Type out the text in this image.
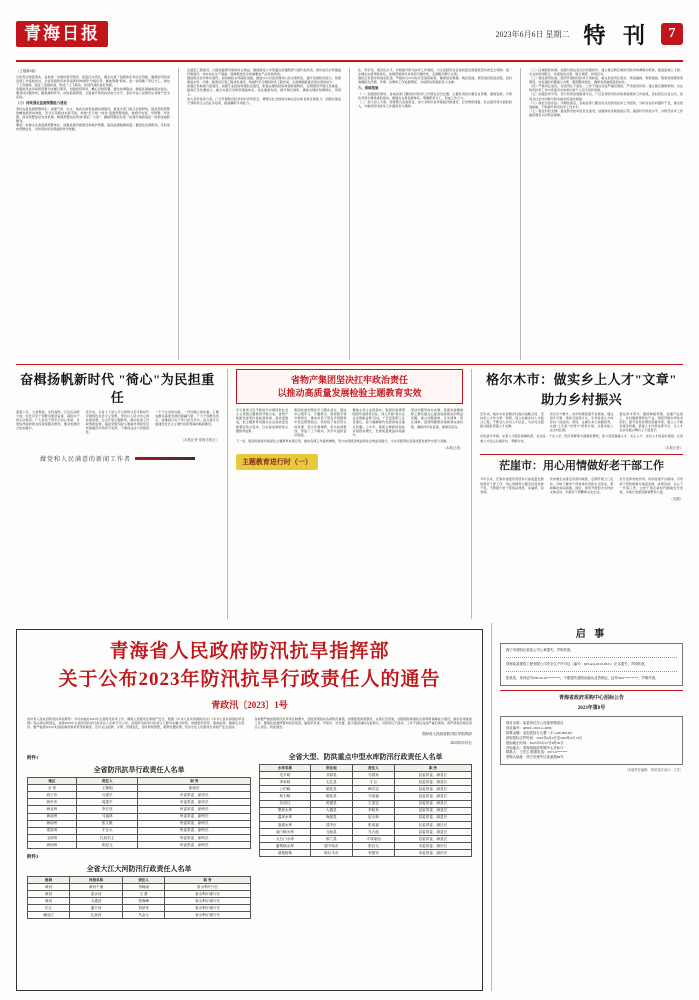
青海日报	2023年6月6日 星期二 特 刊	7
（上接第2版）
行政责任制度落实，各地进一步强化组织领导，层层压实责任，健全完善了指挥体系和运行机制，确保防汛抗旱各项工作落到实处。全省各级防汛抗旱指挥机构按照"分级负责、属地管理"原则，进一步明确了责任分工，细化了工作措施，强化了监督检查，形成了上下联动、协同作战的良好局面。
各级防汛抗旱指挥部要切实履行职责，加强组织领导，精心安排部署，强化协调联动，确保各项措施落实到位。要坚持问题导向，聚焦薄弱环节，补短板强弱项，全面提升防汛抗旱能力水平，坚决守住人民群众生命财产安全底线。
（三）持续强化监测预警能力建设
坚持完善监测预警体系。加强气象、水文、地质灾害等监测站网建设，推进多部门联合会商研判，提高预报预警的精准度和时效性。充分运用新技术新手段，构建"空天地一体化"监测预警网络，做到早发现、早预警、早处置。深化预警信息发布机制，畅通预警信息传递"最后一公里"，确保预警信息第一时间传递到基层一线和受威胁群众。
要进一步健全完善监测预警体系，加强监测设施建设和维护管理，提高监测数据质量。要强化会商研判，及时发布预警信息，为防汛抗旱决策提供科学依据。
边基层工程建设，以提高灌溉设施的综合效益。继续推进大中型灌区续建配套与现代化改造，加快农田水利基础设施建设，夯实农业生产基础，保障粮食安全和重要农产品有效供给。
推进防洪抗旱体系建设。加快病险水库除险加固，推进中小河流治理和山洪灾害防治，提升流域防洪能力。统筹推进水库、河道、蓄滞洪区等工程体系建设，构建科学合理的防洪工程布局，全面增强抵御洪涝灾害的能力。
加强应急救援力量建设。加强专业抢险救援队伍建设，配备必要的抢险救援装备物资，定期组织开展应急演练，提高应急处置能力。健全完善应急物资储备体系，优化储备布局，提升调运效率，确保关键时刻调得出、用得上。
加大宣传培训力度。广泛开展防汛抗旱知识宣传普及，增强全社会的防灾减灾意识和自救互救能力。加强对基层干部和责任人的业务培训，提高履职尽责能力。
化、科学化、规范化水平，持续提升防汛抗旱工作效能，为全省经济社会高质量发展提供坚实的安全保障。进一步健全完善预案体系，加强预案的针对性和可操作性，定期组织修订完善。
强化应急值守和信息报送。严格执行24小时应急值班制度，确保信息畅通、响应迅速。规范信息报送流程，及时准确报告汛情、旱情、灾情和工作进展情况，为指挥决策提供有力支撑。
六、保障措施
（一）加强组织领导。各地各部门要把防汛抗旱工作摆在突出位置，主要负责同志要亲自部署、靠前指挥，分管负责同志要具体抓落实。要健全完善指挥体系，明确职责分工，形成工作合力。
（二）加大投入力度。统筹整合各类资金，加大对防汛抗旱基础设施建设、应急物资储备、队伍建设等方面的投入，为做好防汛抗旱工作提供有力保障。
（二）区域联防协调。加强与周边省区的沟通协作，建立健全跨区域防汛抗旱协调联动机制，推进流域上下游、左右岸协同配合，实现信息共享、联合调度、协同应对。
（三）强化督导检查。组织开展防汛抗旱专项检查，重点检查责任落实、预案编制、物资储备、隐患排查整改等情况，对发现的问题建立台账，限期整改到位，确保各项措施落到实处。
（四）严格责任追究。对因责任不落实、工作不到位造成严重后果的，严肃追责问责。建立健全激励机制，对在防汛抗旱工作中表现突出的单位和个人给予表彰奖励。
（五）加强宣传引导。充分利用各类媒体平台，广泛宣传防汛抗旱政策措施和工作成效，及时回应社会关切，营造全社会共同参与防灾减灾的良好氛围。
（六）做好总结评估。汛期结束后，各地各部门要及时总结防汛抗旱工作经验，分析存在的问题和不足，提出改进措施，不断提升防汛抗旱工作水平。
（七）强化科技支撑。推进防汛抗旱信息化建设，加强新技术新装备应用，提高科学防控水平，为防汛抗旱工作提供强有力的科技保障。
奋楫扬帆新时代 "徛心"为民担重任
盛夏六月，大美青海，生机盎然。行走在高原大地，处处可见干部群众团结奋进、真抓实干的生动场景。广大党员干部牢记初心使命，以更加昂扬的姿态投身到服务群众、推动发展的火热实践中。
近年来，全省上下深入学习贯彻习近平新时代中国特色社会主义思想，坚持以人民为中心的发展思想，扎实开展主题教育，推动各项工作取得新成效。基层党组织战斗堡垒作用和党员先锋模范作用充分发挥，干事创业活力竞相迸发。
一个个生动的实践，一件件暖心的实事，汇聚成推动高原发展的磅礴力量。广大干部群众表示，将继续以实干笃行担当作为，奋力谱写全面建设社会主义现代化新青海的崭新篇章。
（本报记者 青海日报社）
做党和人民满意的新闻工作者
省物产集团坚决扛牢政治责任
以推动高质量发展检验主题教育实效
学习贯彻习近平新时代中国特色社会主义思想主题教育开展以来，省物产集团党委坚持高标准谋划、高质量推进，把主题教育同推动企业高质量发展紧密结合起来，以实际成效检验主题教育成果。
集团党委把理论学习摆在首位，通过中心组学习、专题研讨、现场教学等多种形式，推动党员干部在学思践悟中坚定理想信念。领导班子成员带头讲党课，带头开展调研，带头检视整改，形成了上下联动、共学共进的良好局面。
聚焦主责主业抓落实。集团党委紧紧围绕年度经营目标，深入开展"我为企业发展献良策"活动，广泛征集职工意见建议，着力破解制约发展的堵点难点问题。上半年，集团主要经济指标实现稳步增长，发展质量效益持续提升。
坚持问题导向办实事。集团党委聚焦职工群众最关心最直接最现实的利益问题，建立问题清单、任务清单、责任清单，逐项明确整改措施和完成时限，确保件件有着落、事事有回音。
下一步，集团党委将持续深化主题教育成果运用，推动各项工作提质增效，努力实现经济效益和社会效益双提升，为全省经济社会高质量发展作出更大贡献。
（本报记者）
主题教育进行时（一）
格尔木市：做实乡上人才"文章"
助力乡村振兴
近年来，格尔木市着眼乡村振兴战略全局，坚持把人才作为第一资源，深入实施乡村人才振兴工程，不断壮大乡村人才队伍，为乡村全面振兴提供坚强人才支撑。
突出引才聚才。该市积极搭建平台载体，通过招才引智、柔性引进等方式，引导各类人才向乡村一线流动。同时，注重从本土挖掘培养，实施"土专家""田秀才"培育计划，让更多能人在乡村扎根。
强化育才用才。围绕种植养殖、农畜产品加工、乡村旅游等特色产业，组织开展实用技术培训，提升农牧民群众致富本领。建立人才联系服务机制，搭建人才作用发挥平台，让人才在乡村振兴舞台上大显身手。
优化留才环境。完善人才服务保障政策，在住房、子女入学、医疗保障等方面提供便利，着力营造尊重人才、关心人才、支持人才的良好氛围，让各类人才安心扎根乡村、奉献乡村。
（本报记者）
茫崖市：用心用情做好老干部工作
今年以来，茫崖市委组织部坚持以高质量发展统领老干部工作，用心用情用力服务好离退休干部，不断提升老干部的获得感、幸福感、荣誉感。
该市健全完善走访慰问制度，定期开展上门走访，详细了解老干部身体状况和生活需求，帮助解决实际困难。同时，组织开展形式多样的文体活动，丰富老干部精神文化生活。
充分发挥余热作用。该市搭建平台载体，引导老干部积极参与基层治理、政策宣讲、关心下一代等工作，让老干部在新时代继续发光发热，为地方发展贡献智慧和力量。
（吴娟）
青海省人民政府防汛抗旱指挥部
关于公布2023年防汛抗旱行政责任人的通告
青政汛〔2023〕1号
各市州人民政府防汛抗旱指挥部：为切实做好2023年全省防汛抗旱工作，确保人民群众生命财产安全，根据《中华人民共和国防洪法》《中华人民共和国抗旱条例》等法律法规规定，现将2023年全省防汛抗旱行政责任人名单予以公布。各级防汛抗旱行政责任人要切实履行职责，加强组织领导，靠前指挥，确保安全度汛。要严格落实24小时值班制度和领导带班制度，密切关注雨情、水情、汛情变化，及时研判预警，果断处置险情，坚决守住人民群众生命财产安全底线。
各地要严格按照防汛抗旱责任制要求，逐级逐项落实各项防范措施，加强隐患排查整改，完善应急预案，加强抢险救援队伍和物资保障能力建设，做好各项准备工作。要强化监测预警和信息报送，做到早发现、早报告、早处置，最大限度减轻灾害损失。对因责任不落实、工作不到位造成严重后果的，将严肃追究相关责任人责任。特此通告。
青海省人民政府防汛抗旱指挥部
2023年5月5日
附件1
全省防汛抗旱行政责任人名单
地区	责任人	职 务
全 省	王黎明	副省长
西宁市	石建平	市委常委、副市长
海东市	周建平	市委常委、副市长
海北州	李宏亮	州委常委、副州长
黄南州	马福林	州委常委、副州长
海南州	张文魁	州委常委、副州长
果洛州	才让太	州委常委、副州长
玉树州	扎西东主	州委常委、副州长
海西州	张纪元	州委常委、副州长
附件2
全省大江大河防汛行政责任人名单
流域	河流名称	责任人	职 务
黄河	黄河干流	李晓南	省水利厅厅长
黄河	湟水河	王 勇	省水利厅副厅长
黄河	大通河	张海峰	省水利厅副厅长
长江	通天河	刘泽军	省水利厅副厅长
澜沧江	扎曲河	马金元	省水利厅副厅长
全省大型、防洪重点中型水库防汛行政责任人名单
水库名称	所在地	责任人	职 务
龙羊峡	共和县	马国寿	县委常委、副县长
李家峡	尖扎县	才 让	县委常委、副县长
公伯峡	循化县	韩学忠	县委常委、副县长
积石峡	循化县	马成福	县委常委、副县长
拉西瓦	贵德县	王富忠	县委常委、副县长
黑泉水库	大通县	李积寿	县委常委、副县长
温泉水库	海晏县	赵永新	县委常委、副县长
盘道水库	湟中区	张成福	区委常委、副区长
南门峡水库	互助县	马占彪	县委常委、副县长
大石门水库	都兰县	才项南加	县委常委、副县长
蓄集峡水库	德令哈市	张启元	市委常委、副市长
那棱格勒	格尔木市	李国安	市委常委、副市长
启 事
西宁市城西区某某公司公章遗失，声明作废。
青海某某建筑工程有限公司安全生产许可证（编号：QH-AQ-2019-0321）正本遗失，声明作废。
张某某，身份证号63010219********，不慎遗失道路运输从业资格证，证号6301********，声明作废。
青海省政府采购中心招标公告
2023年第8号
项目名称：某某单位办公设备采购项目
项目编号：QHZC-2023-G-0086
预算金额：壹佰贰拾万元整（￥1,200,000.00）
获取招标文件时间：2023年6月6日至2023年6月13日
投标截止时间：2023年6月27日9时30分
开标地点：青海省政府采购中心开标厅
联系人：王先生 联系电话：0971-6******
采购人地址：西宁市城中区某某路88号
（本版责任编辑：李明 版式设计：王芳）
